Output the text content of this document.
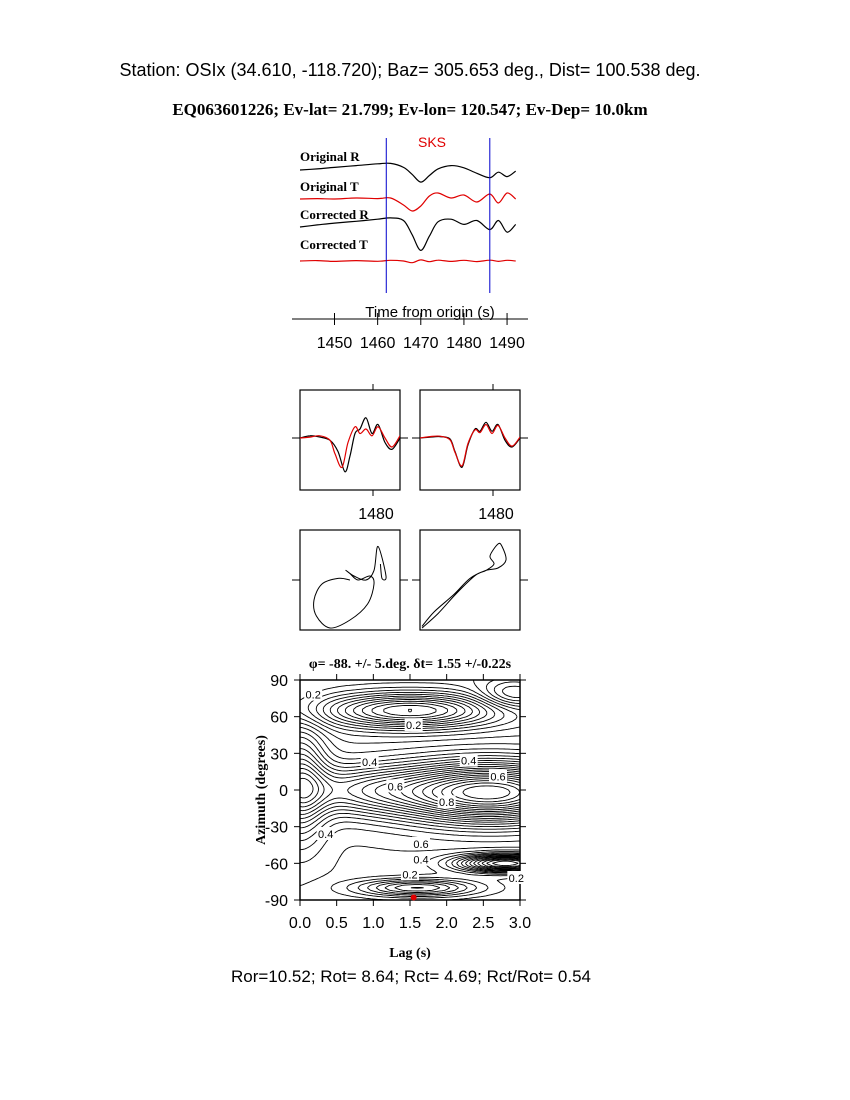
Station: OSIx (34.610, -118.720); Baz= 305.653 deg., Dist= 100.538 deg.
EQ063601226; Ev-lat= 21.799; Ev-lon= 120.547; Ev-Dep= 10.0km
SKS
Original R
Original T
Corrected R
Corrected T
Time from origin (s)
1450 1460 1470 1480 1490
1480	1480
φ= -88. +/- 5.deg. δt= 1.55 +/-0.22s
-90
-60
-30
0
30
60
90
0.0 0.5 1.0 1.5 2.0 2.5 3.0
0.2
0.2
0.4	0.4
0.6
0.6
0.8
0.4
0.6
0.4
0.2	0.2
Lag (s)
Azimuth (degrees)
Ror=10.52; Rot= 8.64; Rct= 4.69; Rct/Rot= 0.54
